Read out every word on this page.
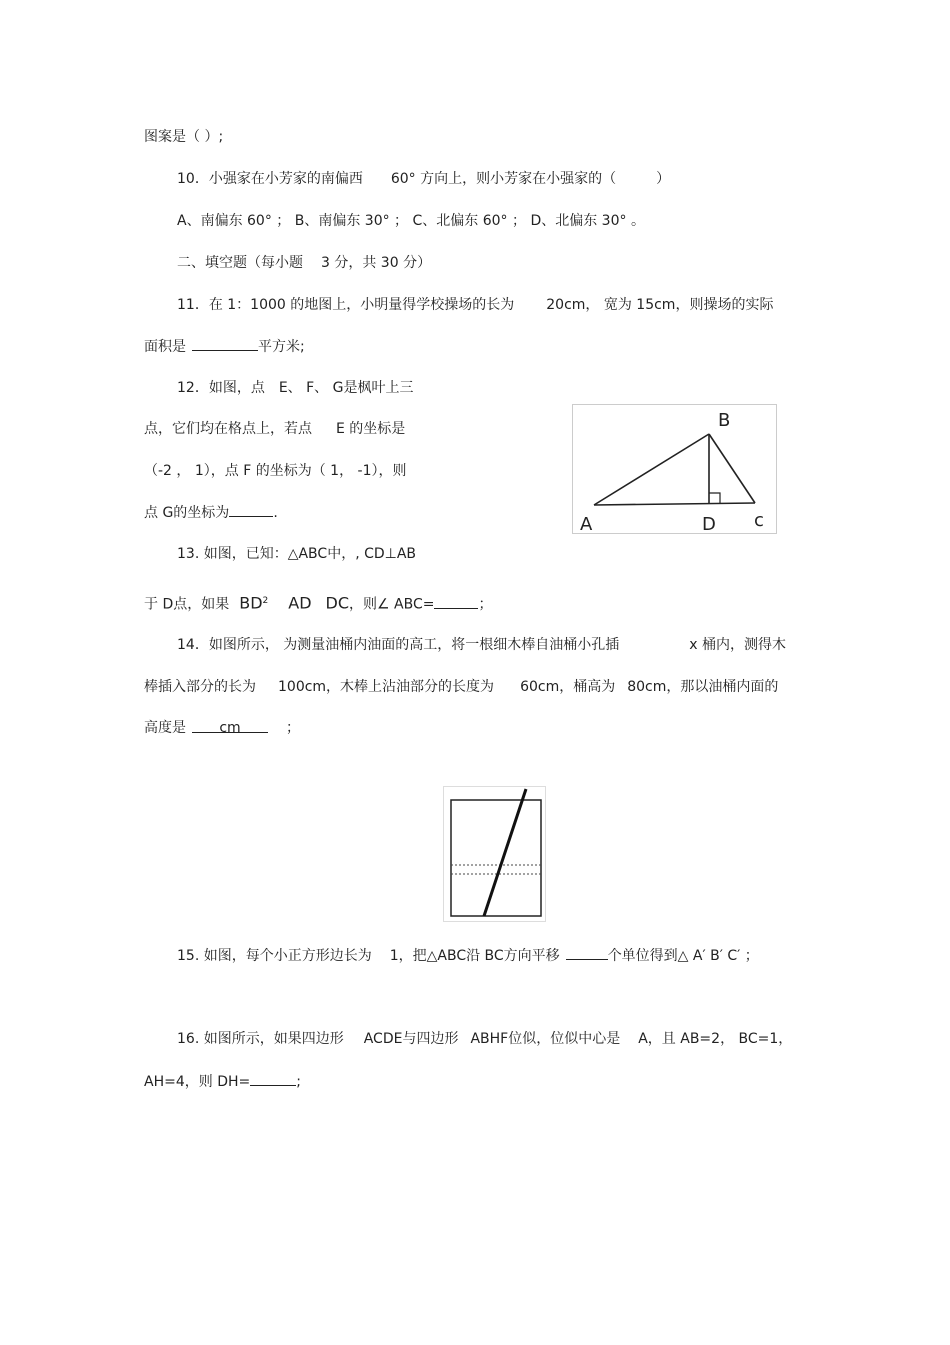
图案是（ ）;
10．小强家在小芳家的南偏西 60° 方向上，则小芳家在小强家的（	）
A、南偏东 60° ； B、南偏东 30° ； C、北偏东 60° ； D、北偏东 30° 。
二、填空题（每小题 3 分，共 30 分）
11．在 1：1000 的地图上，小明量得学校操场的长为 20cm， 宽为 15cm，则操场的实际
面积是	平方米;
12．如图，点 E、 F、 G是枫叶上三
点，它们均在格点上，若点 E 的坐标是
（-2 ， 1），点 F 的坐标为（ 1， -1），则
点 G的坐标为	.
B
A	D c
13. 如图，已知：△ABC中，, CD⊥AB
于 D点，如果 $BD^2$ AD DC，则∠ ABC=	；
14．如图所示， 为测量油桶内油面的高工，将一根细木棒自油桶小孔插	x 桶内，测得木
棒插入部分的长为 100cm，木棒上沾油部分的长度为 60cm，桶高为 80cm，那以油桶内面的
高度是 cm	；
15. 如图，每个小正方形边长为 1，把△ABC沿 BC方向平移	个单位得到△ A′ B′ C′ ；
16. 如图所示，如果四边形 ACDE与四边形 ABHF位似，位似中心是 A，且 AB=2， BC=1，
AH=4，则 DH=	;
